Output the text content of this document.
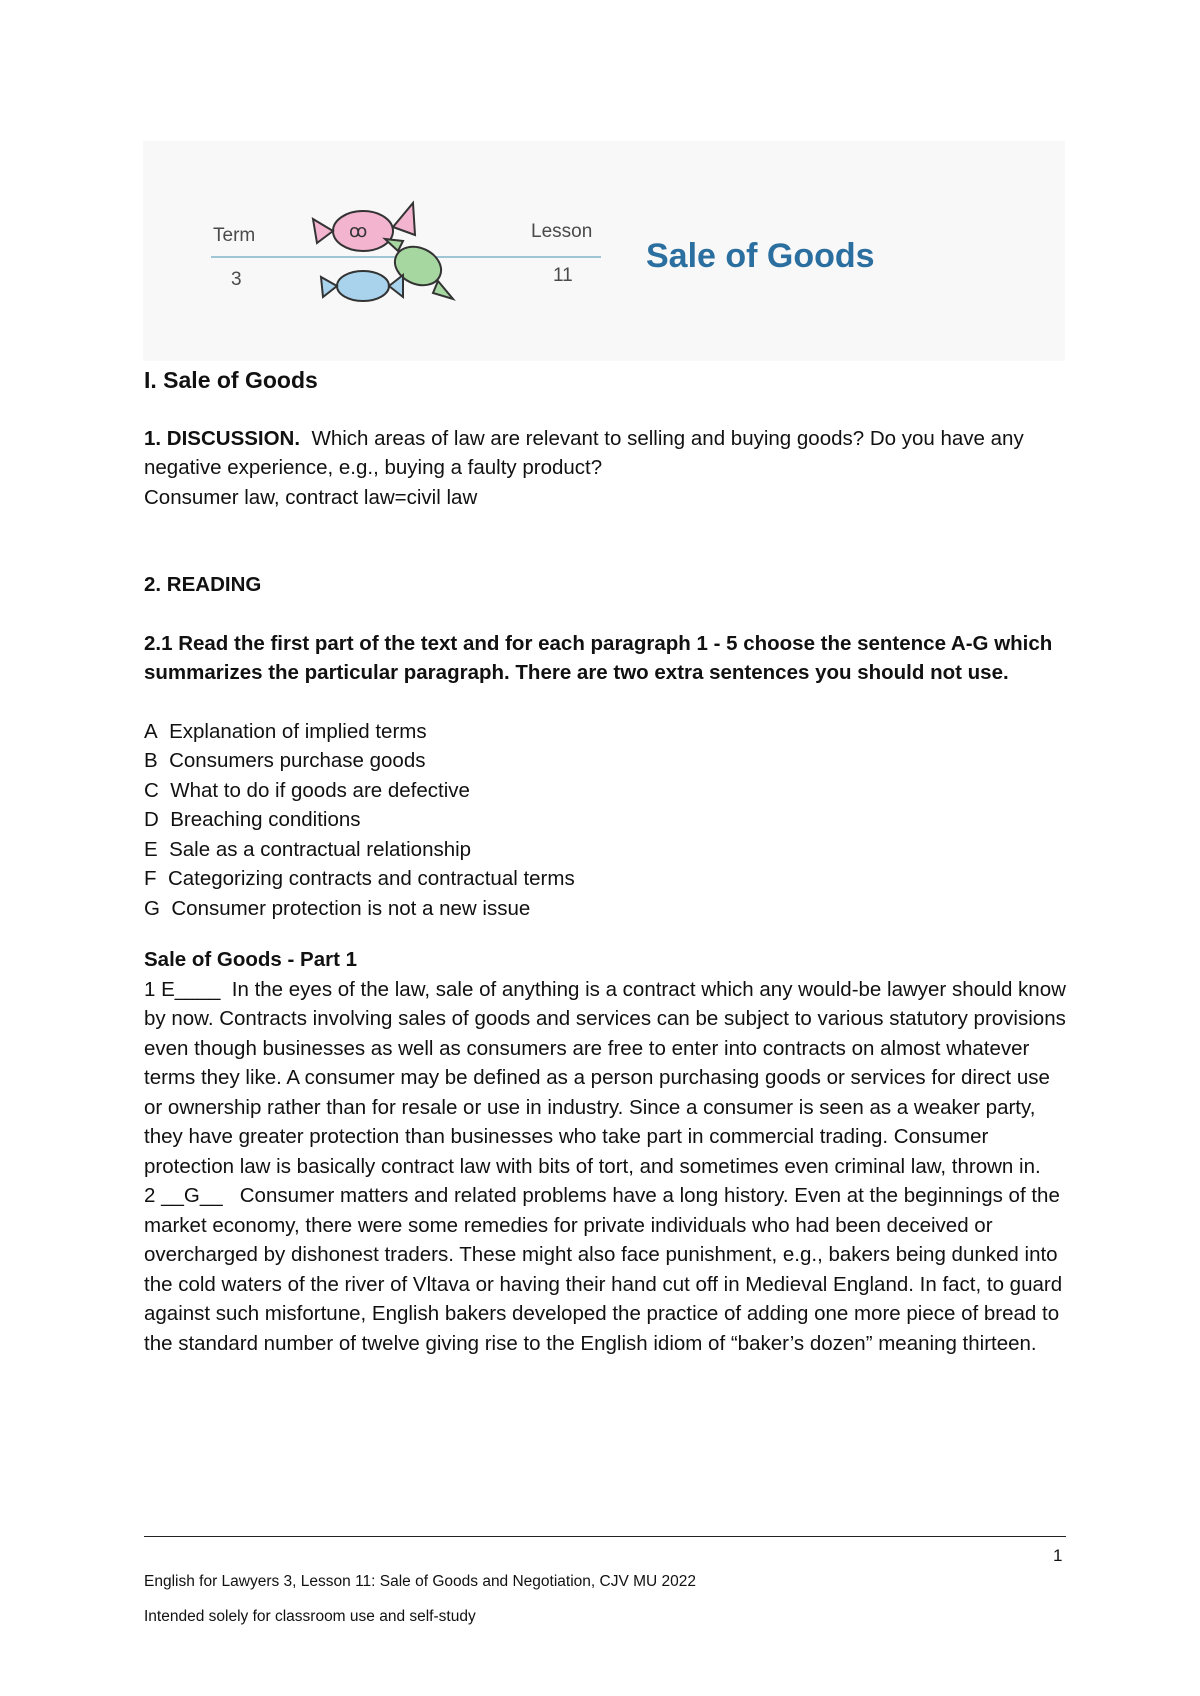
Term
3
ꝏ	Lesson
11
Sale of Goods

I. Sale of Goods

1. DISCUSSION. Which areas of law are relevant to selling and buying goods? Do you have any negative experience, e.g., buying a faulty product?

Consumer law, contract law=civil law

2. READING

2.1 Read the first part of the text and for each paragraph 1 - 5 choose the sentence A-G which summarizes the particular paragraph. There are two extra sentences you should not use.

A Explanation of implied terms

B Consumers purchase goods

C What to do if goods are defective

D Breaching conditions

E Sale as a contractual relationship

F Categorizing contracts and contractual terms

G Consumer protection is not a new issue

Sale of Goods - Part 1

1 E____ In the eyes of the law, sale of anything is a contract which any would-be lawyer should know by now. Contracts involving sales of goods and services can be subject to various statutory provisions even though businesses as well as consumers are free to enter into contracts on almost whatever terms they like. A consumer may be defined as a person purchasing goods or services for direct use or ownership rather than for resale or use in industry. Since a consumer is seen as a weaker party, they have greater protection than businesses who take part in commercial trading. Consumer protection law is basically contract law with bits of tort, and sometimes even criminal law, thrown in.

2 __G__ Consumer matters and related problems have a long history. Even at the beginnings of the market economy, there were some remedies for private individuals who had been deceived or overcharged by dishonest traders. These might also face punishment, e.g., bakers being dunked into the cold waters of the river of Vltava or having their hand cut off in Medieval England. In fact, to guard against such misfortune, English bakers developed the practice of adding one more piece of bread to the standard number of twelve giving rise to the English idiom of “baker’s dozen” meaning thirteen.

1
English for Lawyers 3, Lesson 11: Sale of Goods and Negotiation, CJV MU 2022
Intended solely for classroom use and self-study
